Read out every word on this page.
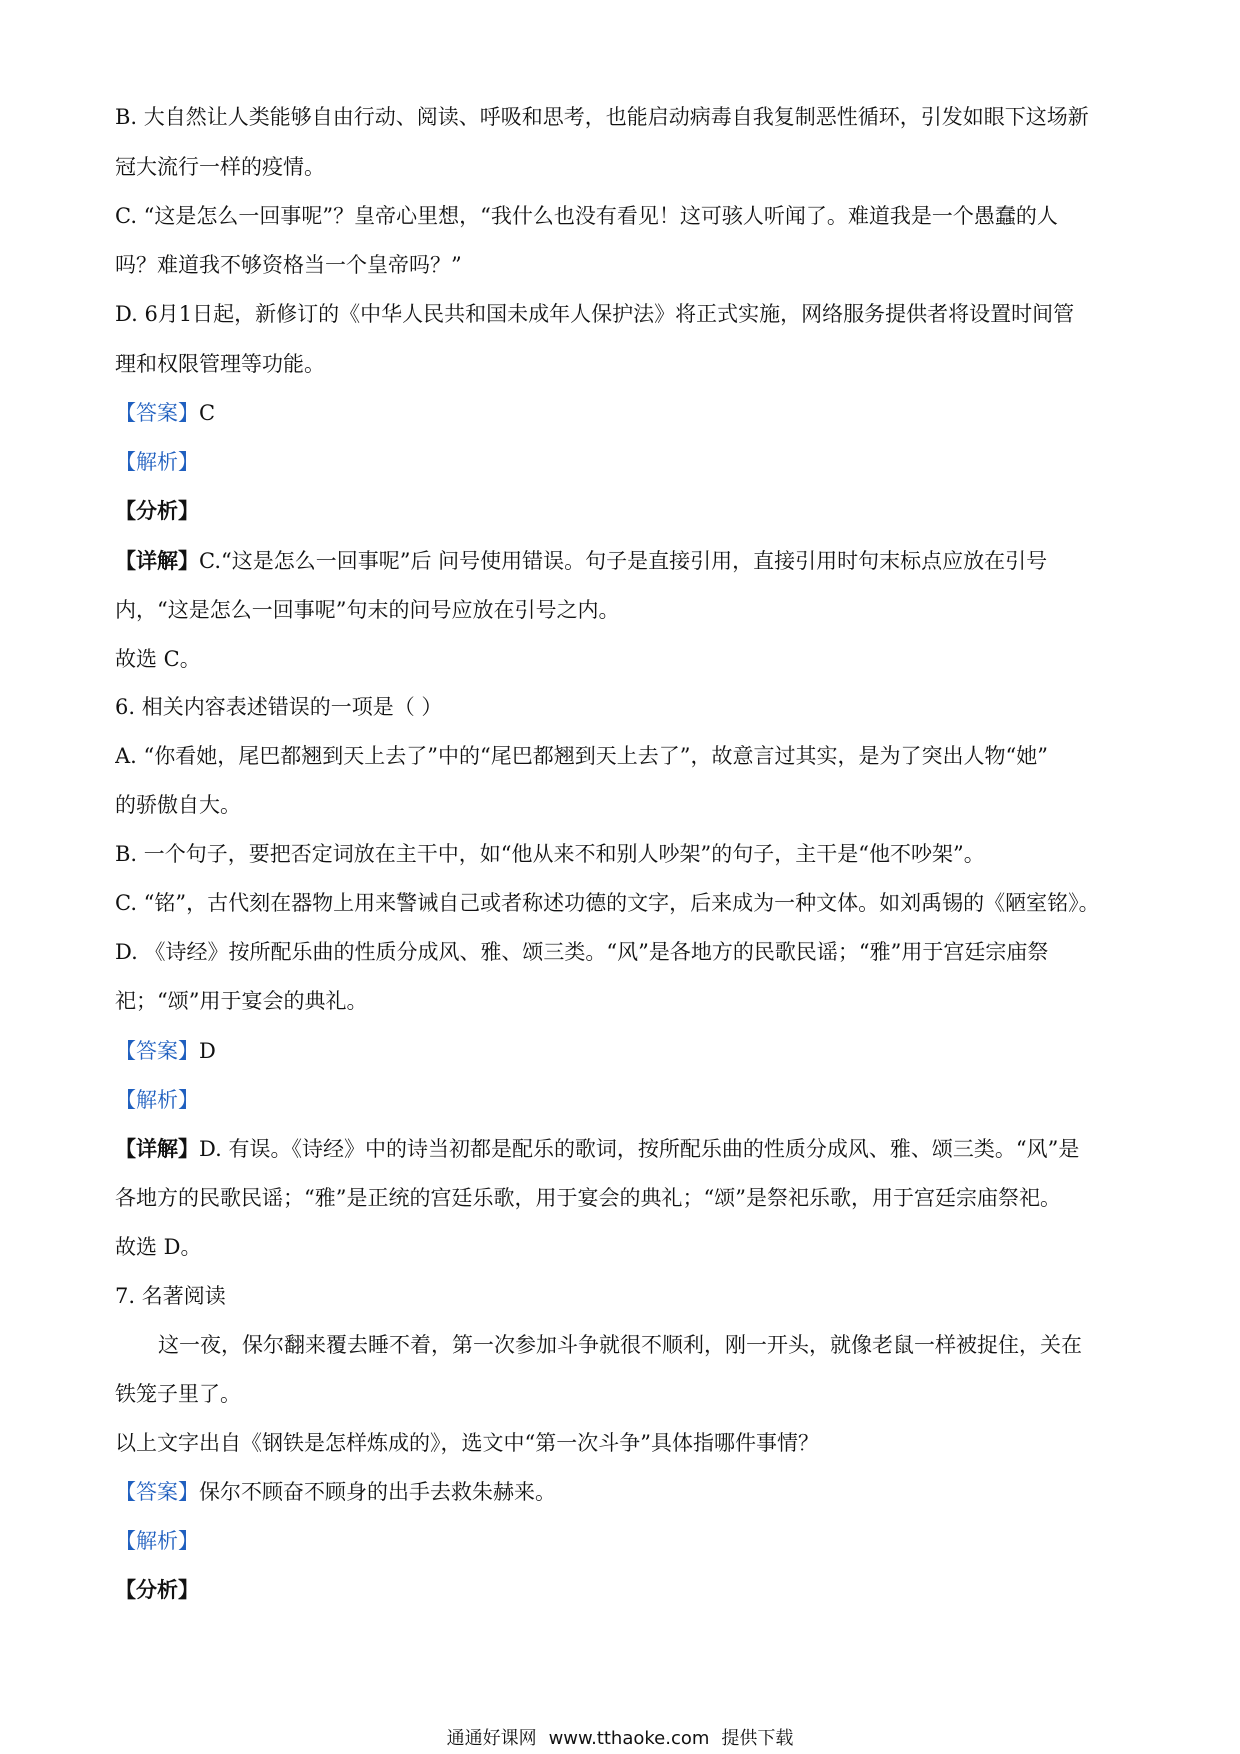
B. 大自然让人类能够自由行动、阅读、呼吸和思考，也能启动病毒自我复制恶性循环，引发如眼下这场新
冠大流行一样的疫情。
C. “这是怎么一回事呢”？皇帝心里想，“我什么也没有看见！这可骇人听闻了。难道我是一个愚蠢的人
吗？难道我不够资格当一个皇帝吗？”
D. 6月1日起，新修订的《中华人民共和国未成年人保护法》将正式实施，网络服务提供者将设置时间管
理和权限管理等功能。
【答案】C
【解析】
【分析】
【详解】C.“这是怎么一回事呢”后 问号使用错误。句子是直接引用，直接引用时句末标点应放在引号
内，“这是怎么一回事呢”句末的问号应放在引号之内。
故选 C。
6. 相关内容表述错误的一项是（ ）
A. “你看她，尾巴都翘到天上去了”中的“尾巴都翘到天上去了”，故意言过其实，是为了突出人物“她”
的骄傲自大。
B. 一个句子，要把否定词放在主干中，如“他从来不和别人吵架”的句子，主干是“他不吵架”。
C. “铭”，古代刻在器物上用来警诫自己或者称述功德的文字，后来成为一种文体。如刘禹锡的《陋室铭》。
D. 《诗经》按所配乐曲的性质分成风、雅、颂三类。“风”是各地方的民歌民谣；“雅”用于宫廷宗庙祭
祀；“颂”用于宴会的典礼。
【答案】D
【解析】
【详解】D. 有误。《诗经》中的诗当初都是配乐的歌词，按所配乐曲的性质分成风、雅、颂三类。“风”是
各地方的民歌民谣；“雅”是正统的宫廷乐歌，用于宴会的典礼；“颂”是祭祀乐歌，用于宫廷宗庙祭祀。
故选 D。
7. 名著阅读
这一夜，保尔翻来覆去睡不着，第一次参加斗争就很不顺利，刚一开头，就像老鼠一样被捉住，关在
铁笼子里了。
以上文字出自《钢铁是怎样炼成的》，选文中“第一次斗争”具体指哪件事情？
【答案】保尔不顾奋不顾身的出手去救朱赫来。
【解析】
【分析】
通通好课网 www.tthaoke.com 提供下载
